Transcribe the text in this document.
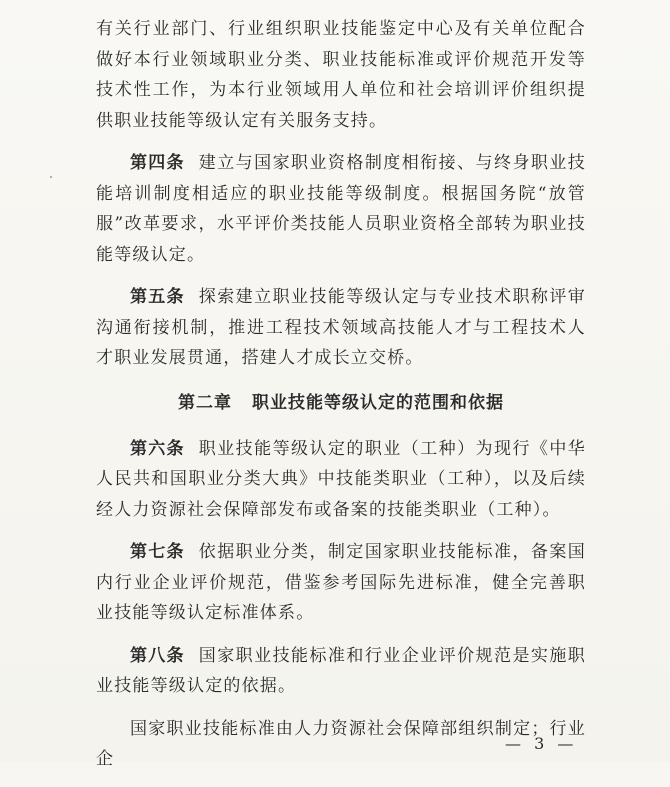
有关行业部门、行业组织职业技能鉴定中心及有关单位配合做好本行业领域职业分类、职业技能标准或评价规范开发等技术性工作，为本行业领域用人单位和社会培训评价组织提供职业技能等级认定有关服务支持。

第四条 建立与国家职业资格制度相衔接、与终身职业技能培训制度相适应的职业技能等级制度。根据国务院“放管服”改革要求，水平评价类技能人员职业资格全部转为职业技能等级认定。

第五条 探索建立职业技能等级认定与专业技术职称评审沟通衔接机制，推进工程技术领域高技能人才与工程技术人才职业发展贯通，搭建人才成长立交桥。

第二章 职业技能等级认定的范围和依据

第六条 职业技能等级认定的职业（工种）为现行《中华人民共和国职业分类大典》中技能类职业（工种），以及后续经人力资源社会保障部发布或备案的技能类职业（工种）。

第七条 依据职业分类，制定国家职业技能标准，备案国内行业企业评价规范，借鉴参考国际先进标准，健全完善职业技能等级认定标准体系。

第八条 国家职业技能标准和行业企业评价规范是实施职业技能等级认定的依据。

国家职业技能标准由人力资源社会保障部组织制定；行业企

— 3 —
